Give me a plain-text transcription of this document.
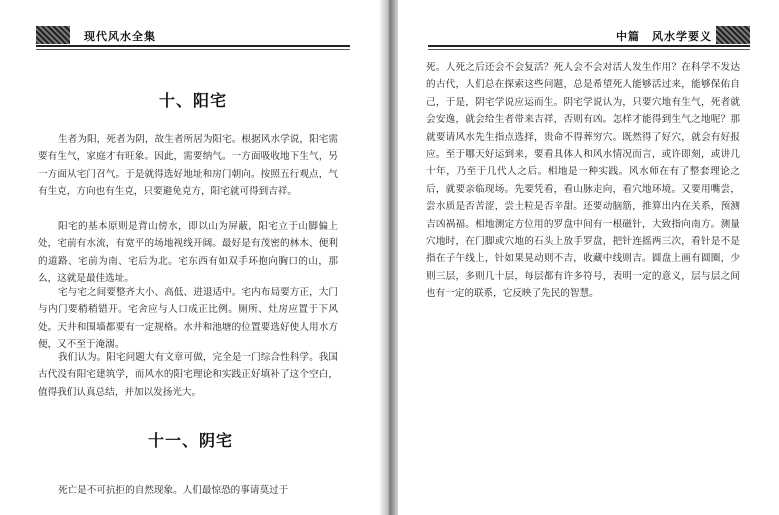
现代风水全集
十、阳宅

生者为阳，死者为阴，故生者所居为阳宅。根据风水学说，阳宅需要有生气，家庭才有旺象。因此，需要纳气。一方面吸收地下生气，另一方面从宅门召气。于是就得选好地址和房门朝向。按照五行观点，气有生克，方向也有生克，只要避免克方，阳宅就可得到吉祥。

阳宅的基本原则是背山傍水，即以山为屏蔽，阳宅立于山脚偏上处，宅前有水流，有宽平的场地视线开阔。最好是有茂密的林木、便利的道路、宅前为南、宅后为北。宅东西有如双手环抱向胸口的山，那么，这就是最佳选址。

宅与宅之间要整齐大小、高低、进退适中。宅内布局要方正，大门与内门要稍稍错开。宅舍应与人口成正比例。厕所、灶房应置于下风处。天井和围墙都要有一定规格。水井和池塘的位置要选好使人用水方便，又不至于淹溺。

我们认为。阳宅问题大有文章可做，完全是一门综合性科学。我国古代没有阳宅建筑学，而风水的阳宅理论和实践正好填补了这个空白，值得我们认真总结，并加以发扬光大。

十一、阴宅

死亡是不可抗拒的自然现象。人们最惊恐的事请莫过于

中篇　风水学要义

死。人死之后还会不会复活？死人会不会对活人发生作用？在科学不发达的古代，人们总在探索这些问题，总是希望死人能够活过来，能够保佑自己，于是，阴宅学说应运而生。阴宅学说认为，只要穴地有生气，死者就会安逸，就会给生者带来吉祥，否则有凶。怎样才能得到生气之地呢？那就要请风水先生指点选择，贵命不得葬穷穴。既然得了好穴，就会有好报应。至于哪天好运到来，要看具体人和风水情况而言，或许即刻，或讲几十年，乃至于几代人之后。相地是一种实践。风水师在有了整套理论之后，就要亲临现场。先要凭看，看山脉走向，看穴地环境。又要用嘴尝，尝水质是否苦涩，尝土粒是否辛甜。还要动脑筋，推算出内在关系，预测吉凶祸福。相地测定方位用的罗盘中间有一根磁针，大致指向南方。测量穴地时，在门脚或穴地的石头上放手罗盘，把针连摇两三次，看针是不是指在子午线上，针如果晃动则不吉，收藏中线则吉。圆盘上画有圆圈，少则三层，多则几十层，每层都有许多符号，表明一定的意义，层与层之间也有一定的联系，它反映了先民的智慧。
